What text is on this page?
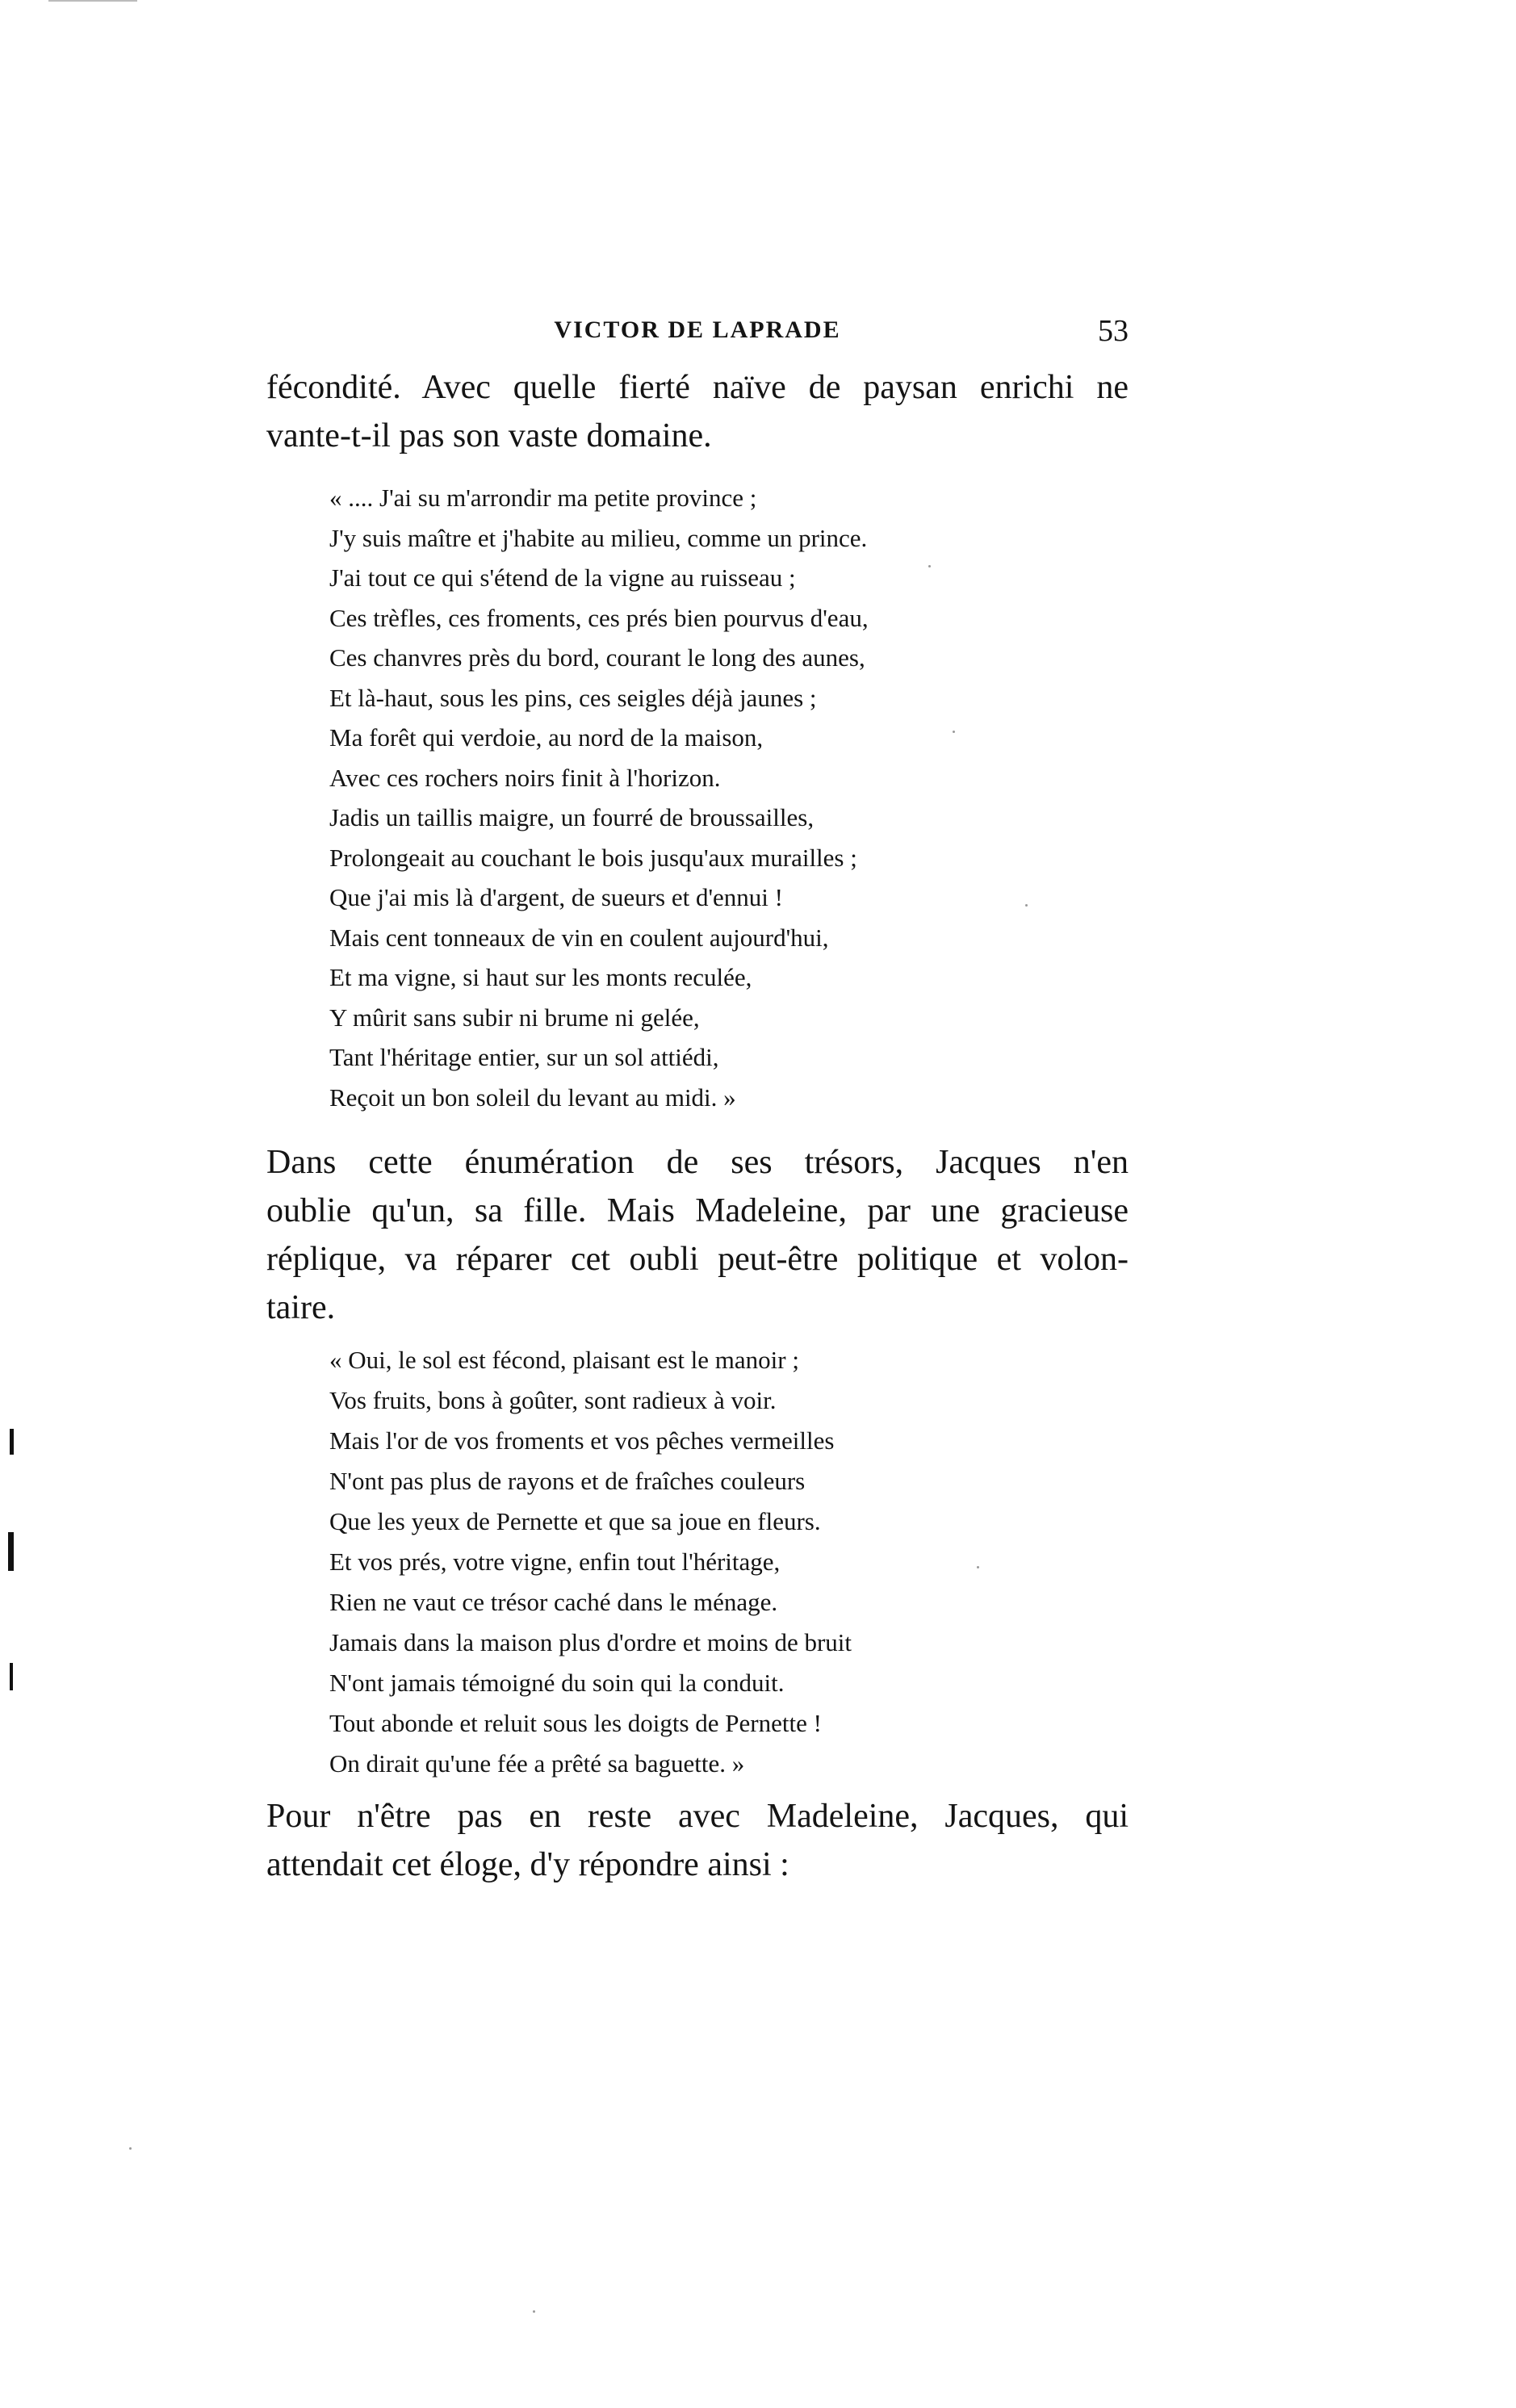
VICTOR DE LAPRADE	53

fécondité. Avec quelle fierté naïve de paysan enrichi ne
vante-t-il pas son vaste domaine.

« .... J'ai su m'arrondir ma petite province ;
J'y suis maître et j'habite au milieu, comme un prince.
J'ai tout ce qui s'étend de la vigne au ruisseau ;
Ces trèfles, ces froments, ces prés bien pourvus d'eau,
Ces chanvres près du bord, courant le long des aunes,
Et là-haut, sous les pins, ces seigles déjà jaunes ;
Ma forêt qui verdoie, au nord de la maison,
Avec ces rochers noirs finit à l'horizon.
Jadis un taillis maigre, un fourré de broussailles,
Prolongeait au couchant le bois jusqu'aux murailles ;
Que j'ai mis là d'argent, de sueurs et d'ennui !
Mais cent tonneaux de vin en coulent aujourd'hui,
Et ma vigne, si haut sur les monts reculée,
Y mûrit sans subir ni brume ni gelée,
Tant l'héritage entier, sur un sol attiédi,
Reçoit un bon soleil du levant au midi. »

Dans cette énumération de ses trésors, Jacques n'en
oublie qu'un, sa fille. Mais Madeleine, par une gracieuse
réplique, va réparer cet oubli peut-être politique et volon-
taire.

« Oui, le sol est fécond, plaisant est le manoir ;
Vos fruits, bons à goûter, sont radieux à voir.
Mais l'or de vos froments et vos pêches vermeilles
N'ont pas plus de rayons et de fraîches couleurs
Que les yeux de Pernette et que sa joue en fleurs.
Et vos prés, votre vigne, enfin tout l'héritage,
Rien ne vaut ce trésor caché dans le ménage.
Jamais dans la maison plus d'ordre et moins de bruit
N'ont jamais témoigné du soin qui la conduit.
Tout abonde et reluit sous les doigts de Pernette !
On dirait qu'une fée a prêté sa baguette. »

Pour n'être pas en reste avec Madeleine, Jacques, qui
attendait cet éloge, d'y répondre ainsi :
